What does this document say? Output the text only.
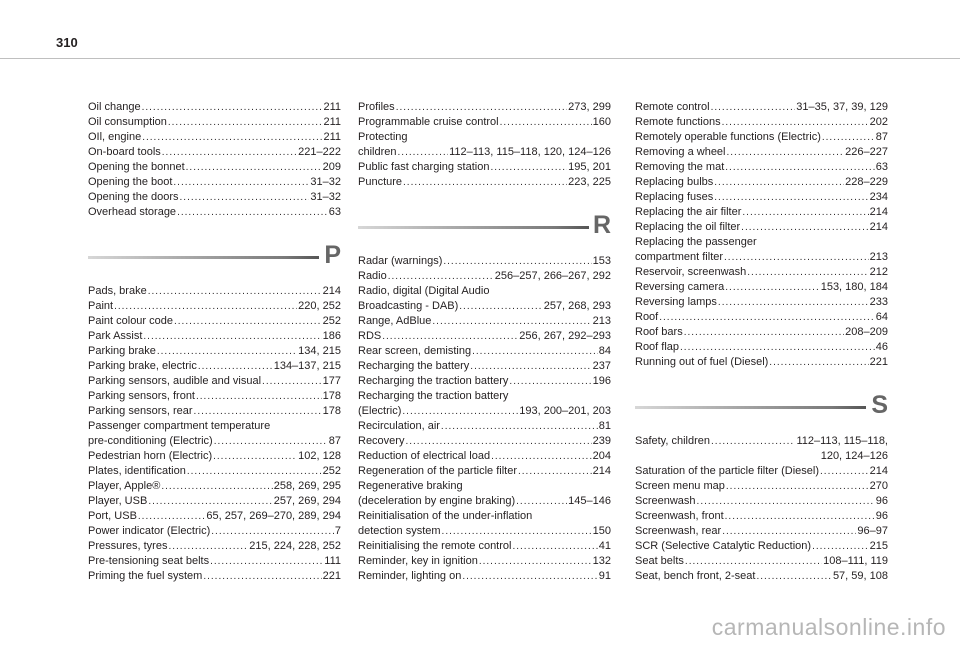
310
Oil change .....	211
Oil consumption .....	211
OIl, engine .....	211
On-board tools .....	221–222
Opening the bonnet .....	209
Opening the boot .....	31–32
Opening the doors .....	31–32
Overhead storage .....	63
P
Pads, brake .....	214
Paint .....	220, 252
Paint colour code .....	252
Park Assist .....	186
Parking brake .....	134, 215
Parking brake, electric .....	134–137, 215
Parking sensors, audible and visual .....	177
Parking sensors, front .....	178
Parking sensors, rear .....	178
Passenger compartment temperature
pre-conditioning (Electric) .....	87
Pedestrian horn (Electric) .....	102, 128
Plates, identification .....	252
Player, Apple® .....	258, 269, 295
Player, USB .....	257, 269, 294
Port, USB .....	65, 257, 269–270, 289, 294
Power indicator (Electric) .....	7
Pressures, tyres .....	215, 224, 228, 252
Pre-tensioning seat belts .....	111
Priming the fuel system .....	221
Profiles .....	273, 299
Programmable cruise control .....	160
Protecting
children .....	112–113, 115–118, 120, 124–126
Public fast charging station .....	195, 201
Puncture .....	223, 225
R
Radar (warnings) .....	153
Radio .....	256–257, 266–267, 292
Radio, digital (Digital Audio
Broadcasting - DAB) .....	257, 268, 293
Range, AdBlue .....	213
RDS .....	256, 267, 292–293
Rear screen, demisting .....	84
Recharging the battery .....	237
Recharging the traction battery .....	196
Recharging the traction battery
(Electric) .....	193, 200–201, 203
Recirculation, air .....	81
Recovery .....	239
Reduction of electrical load .....	204
Regeneration of the particle filter .....	214
Regenerative braking
(deceleration by engine braking) .....	145–146
Reinitialisation of the under-inflation
detection system .....	150
Reinitialising the remote control .....	41
Reminder, key in ignition .....	132
Reminder, lighting on .....	91
Remote control .....	31–35, 37, 39, 129
Remote functions .....	202
Remotely operable functions (Electric) .....	87
Removing a wheel .....	226–227
Removing the mat .....	63
Replacing bulbs .....	228–229
Replacing fuses .....	234
Replacing the air filter .....	214
Replacing the oil filter .....	214
Replacing the passenger
compartment filter .....	213
Reservoir, screenwash .....	212
Reversing camera .....	153, 180, 184
Reversing lamps .....	233
Roof .....	64
Roof bars .....	208–209
Roof flap .....	46
Running out of fuel (Diesel) .....	221
S
Safety, children .....	112–113, 115–118,
120, 124–126
Saturation of the particle filter (Diesel) .....	214
Screen menu map .....	270
Screenwash .....	96
Screenwash, front .....	96
Screenwash, rear .....	96–97
SCR (Selective Catalytic Reduction) .....	215
Seat belts .....	108–111, 119
Seat, bench front, 2-seat .....	57, 59, 108
carmanualsonline.info
